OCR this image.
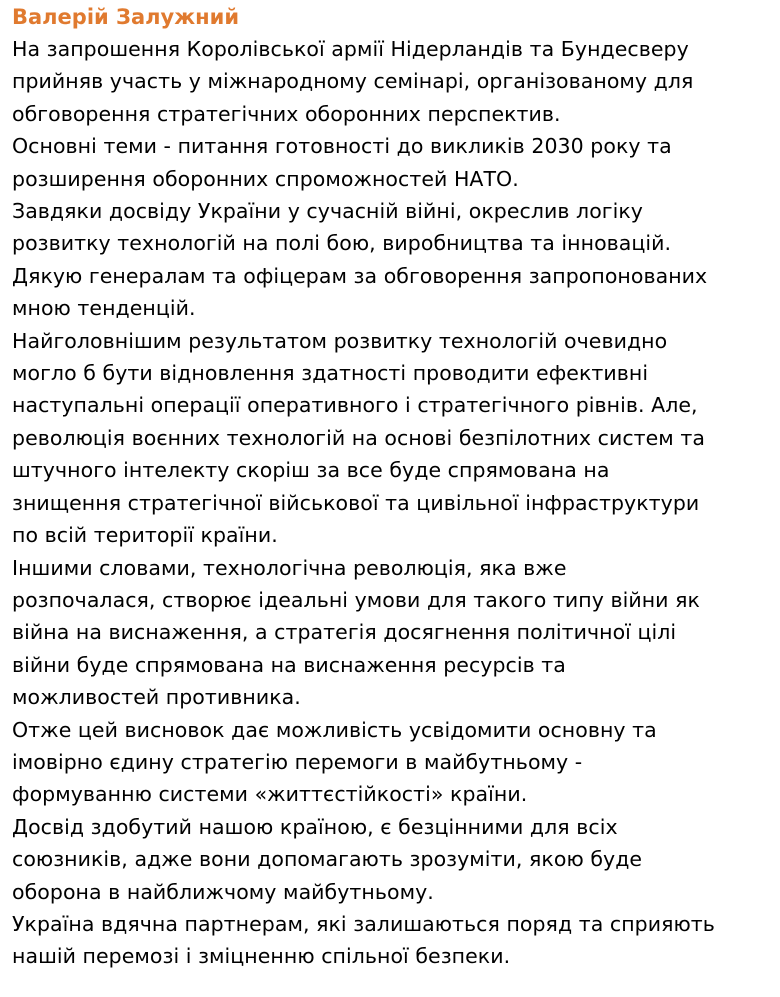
Валерій Залужний
На запрошення Королівської армії Нідерландів та Бундесверу
прийняв участь у міжнародному семінарі, організованому для
обговорення стратегічних оборонних перспектив.
Основні теми - питання готовності до викликів 2030 року та
розширення оборонних спроможностей НАТО.
Завдяки досвіду України у сучасній війні, окреслив логіку
розвитку технологій на полі бою, виробництва та інновацій.
Дякую генералам та офіцерам за обговорення запропонованих
мною тенденцій.
Найголовнішим результатом розвитку технологій очевидно
могло б бути відновлення здатності проводити ефективні
наступальні операції оперативного і стратегічного рівнів. Але,
революція воєнних технологій на основі безпілотних систем та
штучного інтелекту скоріш за все буде спрямована на
знищення стратегічної військової та цивільної інфраструктури
по всій території країни.
Іншими словами, технологічна революція, яка вже
розпочалася, створює ідеальні умови для такого типу війни як
війна на виснаження, а стратегія досягнення політичної цілі
війни буде спрямована на виснаження ресурсів та
можливостей противника.
Отже цей висновок дає можливість усвідомити основну та
імовірно єдину стратегію перемоги в майбутньому -
формуванню системи «життєстійкості» країни.
Досвід здобутий нашою країною, є безцінними для всіх
союзників, адже вони допомагають зрозуміти, якою буде
оборона в найближчому майбутньому.
Україна вдячна партнерам, які залишаються поряд та сприяють
нашій перемозі і зміцненню спільної безпеки.
